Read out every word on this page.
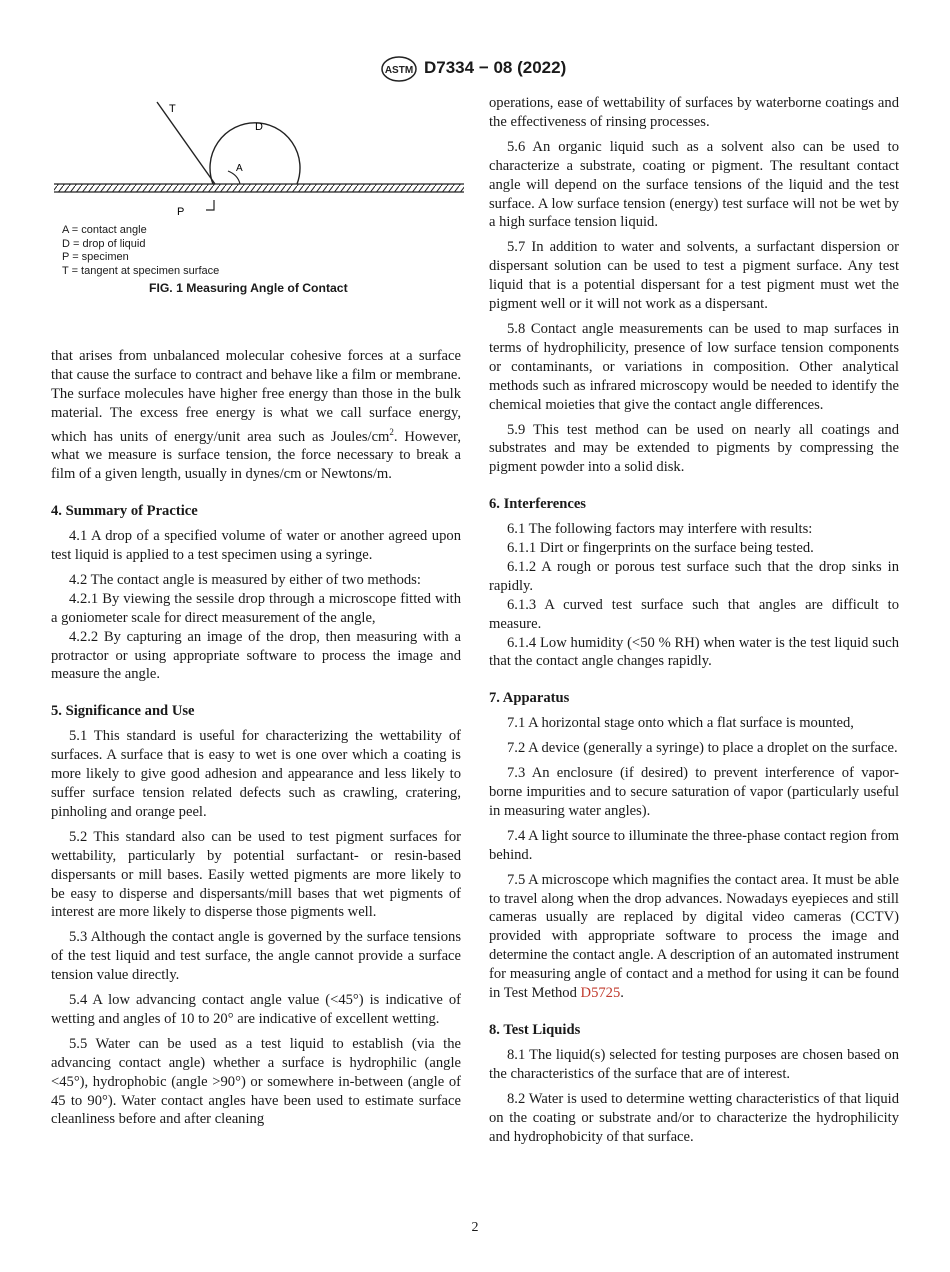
ASTM D7334 − 08 (2022)
T
D
A
P
A = contact angle
D = drop of liquid
P = specimen
T = tangent at specimen surface
FIG. 1 Measuring Angle of Contact

that arises from unbalanced molecular cohesive forces at a surface that cause the surface to contract and behave like a film or membrane. The surface molecules have higher free energy than those in the bulk material. The excess free energy is what we call surface energy, which has units of energy/unit area such as Joules/$cm^2$. However, what we measure is surface tension, the force necessary to break a film of a given length, usually in dynes/cm or Newtons/m.

4. Summary of Practice

4.1 A drop of a specified volume of water or another agreed upon test liquid is applied to a test specimen using a syringe.

4.2 The contact angle is measured by either of two methods:

4.2.1 By viewing the sessile drop through a microscope fitted with a goniometer scale for direct measurement of the angle,

4.2.2 By capturing an image of the drop, then measuring with a protractor or using appropriate software to process the image and measure the angle.

5. Significance and Use

5.1 This standard is useful for characterizing the wettability of surfaces. A surface that is easy to wet is one over which a coating is more likely to give good adhesion and appearance and less likely to suffer surface tension related defects such as crawling, cratering, pinholing and orange peel.

5.2 This standard also can be used to test pigment surfaces for wettability, particularly by potential surfactant- or resin-based dispersants or mill bases. Easily wetted pigments are more likely to be easy to disperse and dispersants/mill bases that wet pigments of interest are more likely to disperse those pigments well.

5.3 Although the contact angle is governed by the surface tensions of the test liquid and test surface, the angle cannot provide a surface tension value directly.

5.4 A low advancing contact angle value (<45°) is indicative of wetting and angles of 10 to 20° are indicative of excellent wetting.

5.5 Water can be used as a test liquid to establish (via the advancing contact angle) whether a surface is hydrophilic (angle <45°), hydrophobic (angle >90°) or somewhere in-between (angle of 45 to 90°). Water contact angles have been used to estimate surface cleanliness before and after cleaning

operations, ease of wettability of surfaces by waterborne coatings and the effectiveness of rinsing processes.

5.6 An organic liquid such as a solvent also can be used to characterize a substrate, coating or pigment. The resultant contact angle will depend on the surface tensions of the liquid and the test surface. A low surface tension (energy) test surface will not be wet by a high surface tension liquid.

5.7 In addition to water and solvents, a surfactant dispersion or dispersant solution can be used to test a pigment surface. Any test liquid that is a potential dispersant for a test pigment must wet the pigment well or it will not work as a dispersant.

5.8 Contact angle measurements can be used to map surfaces in terms of hydrophilicity, presence of low surface tension components or contaminants, or variations in composition. Other analytical methods such as infrared microscopy would be needed to identify the chemical moieties that give the contact angle differences.

5.9 This test method can be used on nearly all coatings and substrates and may be extended to pigments by compressing the pigment powder into a solid disk.

6. Interferences

6.1 The following factors may interfere with results:

6.1.1 Dirt or fingerprints on the surface being tested.

6.1.2 A rough or porous test surface such that the drop sinks in rapidly.

6.1.3 A curved test surface such that angles are difficult to measure.

6.1.4 Low humidity (<50 % RH) when water is the test liquid such that the contact angle changes rapidly.

7. Apparatus

7.1 A horizontal stage onto which a flat surface is mounted,

7.2 A device (generally a syringe) to place a droplet on the surface.

7.3 An enclosure (if desired) to prevent interference of vapor-borne impurities and to secure saturation of vapor (particularly useful in measuring water angles).

7.4 A light source to illuminate the three-phase contact region from behind.

7.5 A microscope which magnifies the contact area. It must be able to travel along when the drop advances. Nowadays eyepieces and still cameras usually are replaced by digital video cameras (CCTV) provided with appropriate software to process the image and determine the contact angle. A description of an automated instrument for measuring angle of contact and a method for using it can be found in Test Method D5725.

8. Test Liquids

8.1 The liquid(s) selected for testing purposes are chosen based on the characteristics of the surface that are of interest.

8.2 Water is used to determine wetting characteristics of that liquid on the coating or substrate and/or to characterize the hydrophilicity and hydrophobicity of that surface.

2
